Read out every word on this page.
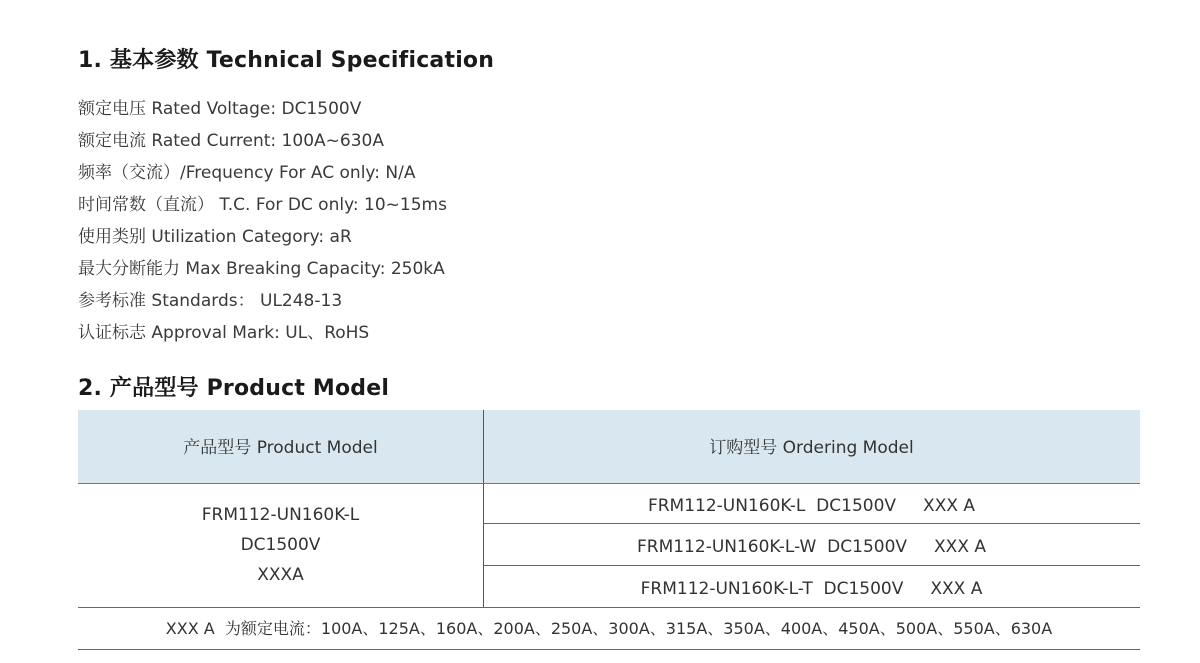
1. 基本参数 Technical Specification
额定电压 Rated Voltage: DC1500V
额定电流 Rated Current: 100A~630A
频率（交流）/Frequency For AC only: N/A
时间常数（直流） T.C. For DC only: 10~15ms
使用类别 Utilization Category: aR
最大分断能力 Max Breaking Capacity: 250kA
参考标准 Standards： UL248-13
认证标志 Approval Mark: UL、RoHS
2. 产品型号 Product Model
产品型号 Product Model	订购型号 Ordering Model
FRM112-UN160K-L
DC1500V
XXXA
FRM112-UN160K-L  DC1500V     XXX A
FRM112-UN160K-L-W  DC1500V     XXX A
FRM112-UN160K-L-T  DC1500V     XXX A
XXX A  为额定电流：100A、125A、160A、200A、250A、300A、315A、350A、400A、450A、500A、550A、630A
